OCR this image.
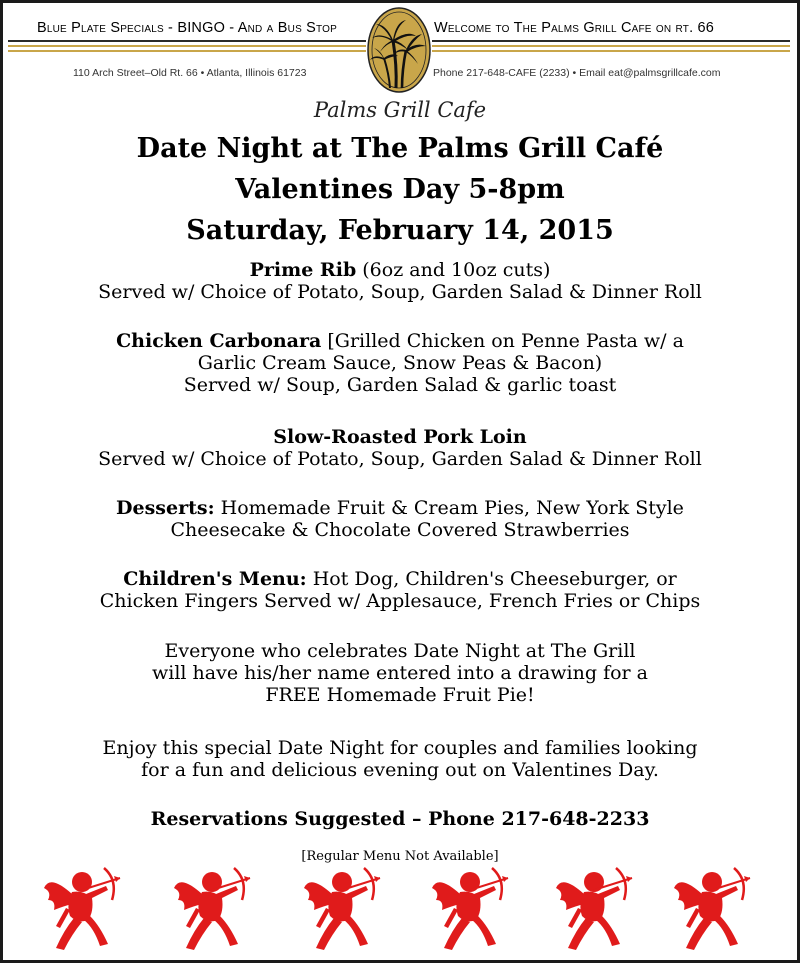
Blue Plate Specials - BINGO - And a Bus Stop	Welcome to The Palms Grill Cafe on rt. 66
110 Arch Street–Old Rt. 66 • Atlanta, Illinois 61723	Phone 217-648-CAFE (2233) • Email eat@palmsgrillcafe.com
Palms Grill Cafe
Date Night at The Palms Grill Café
Valentines Day 5-8pm
Saturday, February 14, 2015
Prime Rib (6oz and 10oz cuts)
Served w/ Choice of Potato, Soup, Garden Salad & Dinner Roll
Chicken Carbonara [Grilled Chicken on Penne Pasta w/ a
Garlic Cream Sauce, Snow Peas & Bacon)
Served w/ Soup, Garden Salad & garlic toast
Slow-Roasted Pork Loin
Served w/ Choice of Potato, Soup, Garden Salad & Dinner Roll
Desserts: Homemade Fruit & Cream Pies, New York Style
Cheesecake & Chocolate Covered Strawberries
Children's Menu: Hot Dog, Children's Cheeseburger, or
Chicken Fingers Served w/ Applesauce, French Fries or Chips
Everyone who celebrates Date Night at The Grill
will have his/her name entered into a drawing for a
FREE Homemade Fruit Pie!
Enjoy this special Date Night for couples and families looking
for a fun and delicious evening out on Valentines Day.
Reservations Suggested – Phone 217-648-2233
[Regular Menu Not Available]
